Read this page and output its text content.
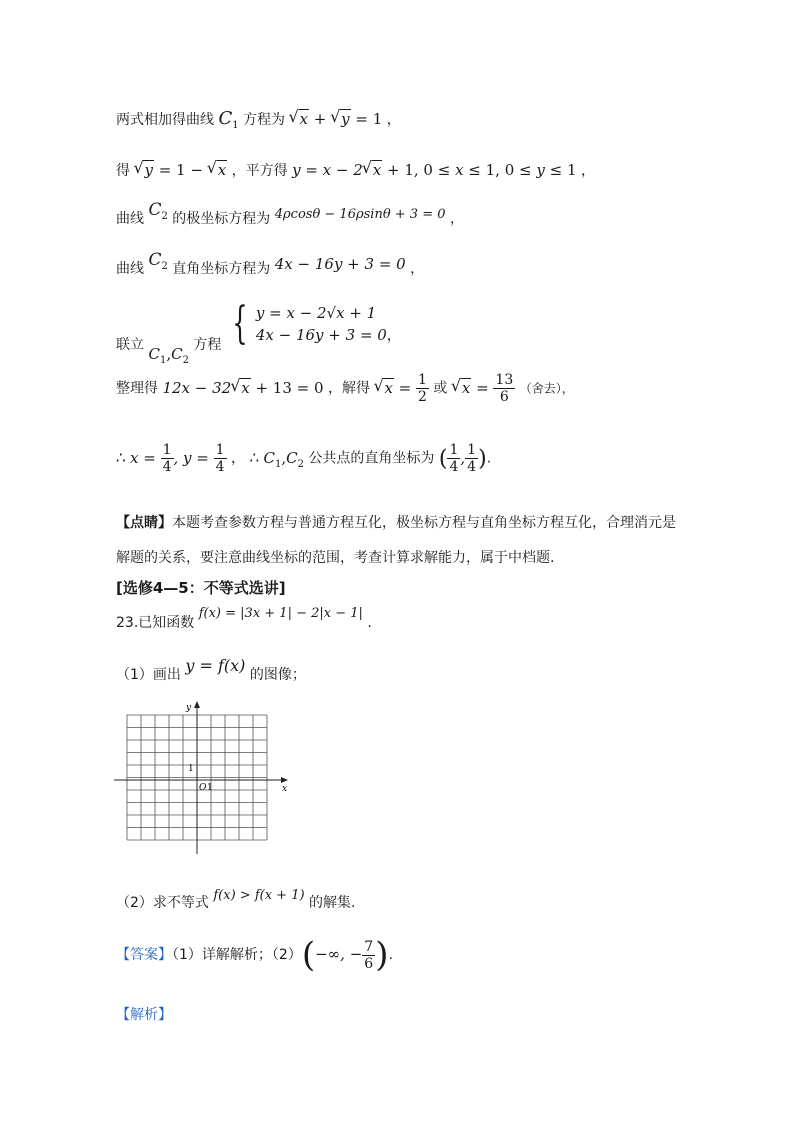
两式相加得曲线 $C_1$ 方程为 √ x + √ y = 1 ，
得 √ y = 1 − √ x ，平方得 y = x − 2 √ x + 1, 0 ≤ x ≤ 1, 0 ≤ y ≤ 1 ，
曲线 $C_2$ 的极坐标方程为 4ρcosθ − 16ρsinθ + 3 = 0 ，
曲线 $C_2$ 直角坐标方程为 4x − 16y + 3 = 0 ，
联立 $C_1,C_2$ 方程 { y = x − 2√x + 1
4x − 16y + 3 = 0，
整理得 12x − 32 √ x + 13 = 0 ，解得 √ $x = \frac{1}{2}$ 或 √ $x = \frac{13}{6}$ （舍去），
∴ $x = \frac{1}{4}$ , $y = \frac{1}{4}$ ， ∴ $C_1,C_2$ 公共点的直角坐标为 ( $\frac{1}{4}$ , $\frac{1}{4}$ ).
【点睛】本题考查参数方程与普通方程互化，极坐标方程与直角坐标方程互化，合理消元是
解题的关系，要注意曲线坐标的范围，考查计算求解能力，属于中档题.
[选修4—5：不等式选讲]
23.已知函数 f(x) = |3x + 1| − 2|x − 1| .
（1）画出 y = f(x) 的图像；
y
x
O 1
1
（2）求不等式 f(x) > f(x + 1) 的解集.
【答案】（1）详解解析；（2）(−∞, − $\frac{7}{6}$ ).
【解析】
